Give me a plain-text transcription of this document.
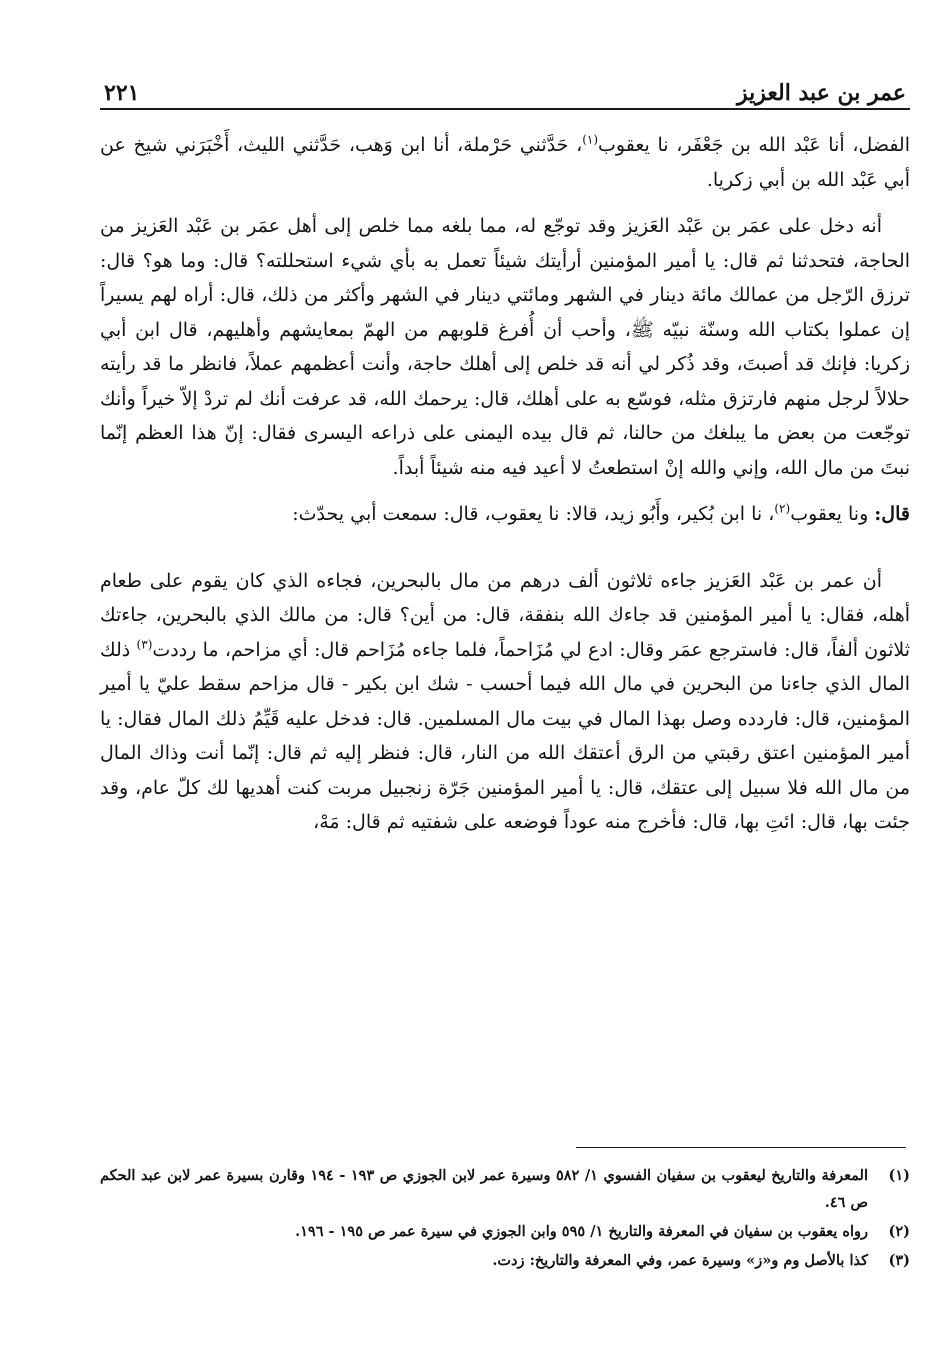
عمر بن عبد العزيز
٢٢١

الفضل، أنا عَبْد الله بن جَعْفَر، نا يعقوب$^{(١)}$، حَدَّثني حَرْملة، أنا ابن وَهب، حَدَّثني الليث، أَخْبَرَني شيخ عن أبي عَبْد الله بن أبي زكريا.

أنه دخل على عمَر بن عَبْد العَزيز وقد توجّع له، مما بلغه مما خلص إلى أهل عمَر بن عَبْد العَزيز من الحاجة، فتحدثنا ثم قال: يا أمير المؤمنين أرأيتك شيئاً تعمل به بأي شيء استحللته؟ قال: وما هو؟ قال: ترزق الرّجل من عمالك مائة دينار في الشهر ومائتي دينار في الشهر وأكثر من ذلك، قال: أراه لهم يسيراً إن عملوا بكتاب الله وسنّة نبيّه ﷺ، وأحب أن أُفرغ قلوبهم من الهمّ بمعايشهم وأهليهم، قال ابن أبي زكريا: فإنك قد أصبتَ، وقد ذُكر لي أنه قد خلص إلى أهلك حاجة، وأنت أعظمهم عملاً، فانظر ما قد رأيته حلالاً لرجل منهم فارتزق مثله، فوسّع به على أهلك، قال: يرحمك الله، قد عرفت أنك لم تردْ إلاّ خيراً وأنك توجّعت من بعض ما يبلغك من حالنا، ثم قال بيده اليمنى على ذراعه اليسرى فقال: إنّ هذا العظم إنّما نبتَ من مال الله، وإني والله إنْ استطعتُ لا أعيد فيه منه شيئاً أبداً.

قال: ونا يعقوب$^{(٢)}$، نا ابن بُكير، وأَبُو زيد، قالا: نا يعقوب، قال: سمعت أبي يحدّث:

أن عمر بن عَبْد العَزيز جاءه ثلاثون ألف درهم من مال بالبحرين، فجاءه الذي كان يقوم على طعام أهله، فقال: يا أمير المؤمنين قد جاءك الله بنفقة، قال: من أين؟ قال: من مالك الذي بالبحرين، جاءتك ثلاثون ألفاً، قال: فاسترجع عمَر وقال: ادع لي مُزَاحماً، فلما جاءه مُزَاحم قال: أي مزاحم، ما رددت$^{(٣)}$ ذلك المال الذي جاءنا من البحرين في مال الله فيما أحسب - شك ابن بكير - قال مزاحم سقط عليّ يا أمير المؤمنين، قال: فاردده وصل بهذا المال في بيت مال المسلمين. قال: فدخل عليه قَيِّمُ ذلك المال فقال: يا أمير المؤمنين اعتق رقبتي من الرق أعتقك الله من النار، قال: فنظر إليه ثم قال: إنّما أنت وذاك المال من مال الله فلا سبيل إلى عتقك، قال: يا أمير المؤمنين جَرّة زنجبيل مربت كنت أهديها لك كلّ عام، وقد جئت بها، قال: ائتِ بها، قال: فأخرج منه عوداً فوضعه على شفتيه ثم قال: مَهْ،

(١)
المعرفة والتاريخ ليعقوب بن سفيان الفسوي ١/ ٥٨٢ وسيرة عمر لابن الجوزي ص ١٩٣ - ١٩٤ وقارن بسيرة عمر لابن عبد الحكم ص ٤٦.
(٢)
رواه يعقوب بن سفيان في المعرفة والتاريخ ١/ ٥٩٥ وابن الجوزي في سيرة عمر ص ١٩٥ - ١٩٦.
(٣)
كذا بالأصل وم و«ز» وسيرة عمر، وفي المعرفة والتاريخ: زدت.
